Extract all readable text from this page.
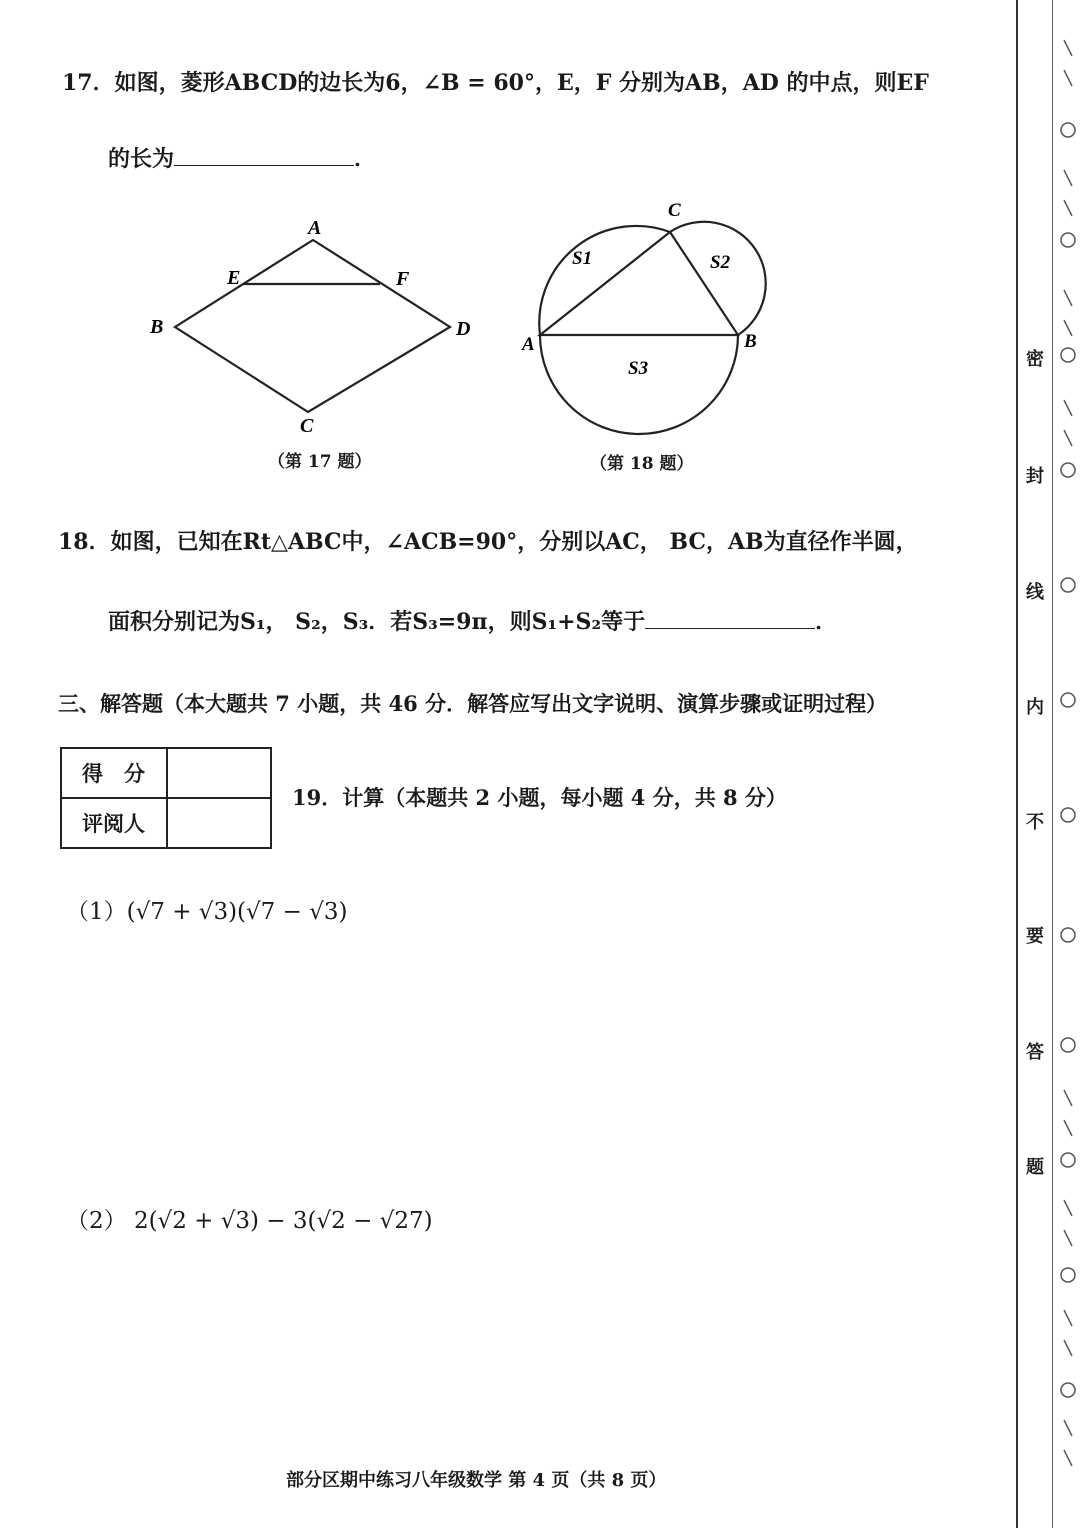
17．如图，菱形ABCD的边长为6，∠B = 60°，E，F 分别为AB，AD 的中点，则EF
的长为	．
A
B
C
D
E	F
（第 17 题）
A	B
C
S1	S2
S3
（第 18 题）
18．如图，已知在Rt△ABC中，∠ACB=90°，分别以AC， BC，AB为直径作半圆，
面积分别记为S₁， S₂，S₃．若S₃=9π，则S₁+S₂等于	．
三、解答题（本大题共 7 小题，共 46 分．解答应写出文字说明、演算步骤或证明过程）
得　分	
评阅人	
19．计算（本题共 2 小题，每小题 4 分，共 8 分）
（1）(√7 + √3)(√7 − √3)
（2） 2(√2 + √3) − 3(√2 − √27)
密
封
线
内
不
要
答
题
部分区期中练习八年级数学 第 4 页（共 8 页）
